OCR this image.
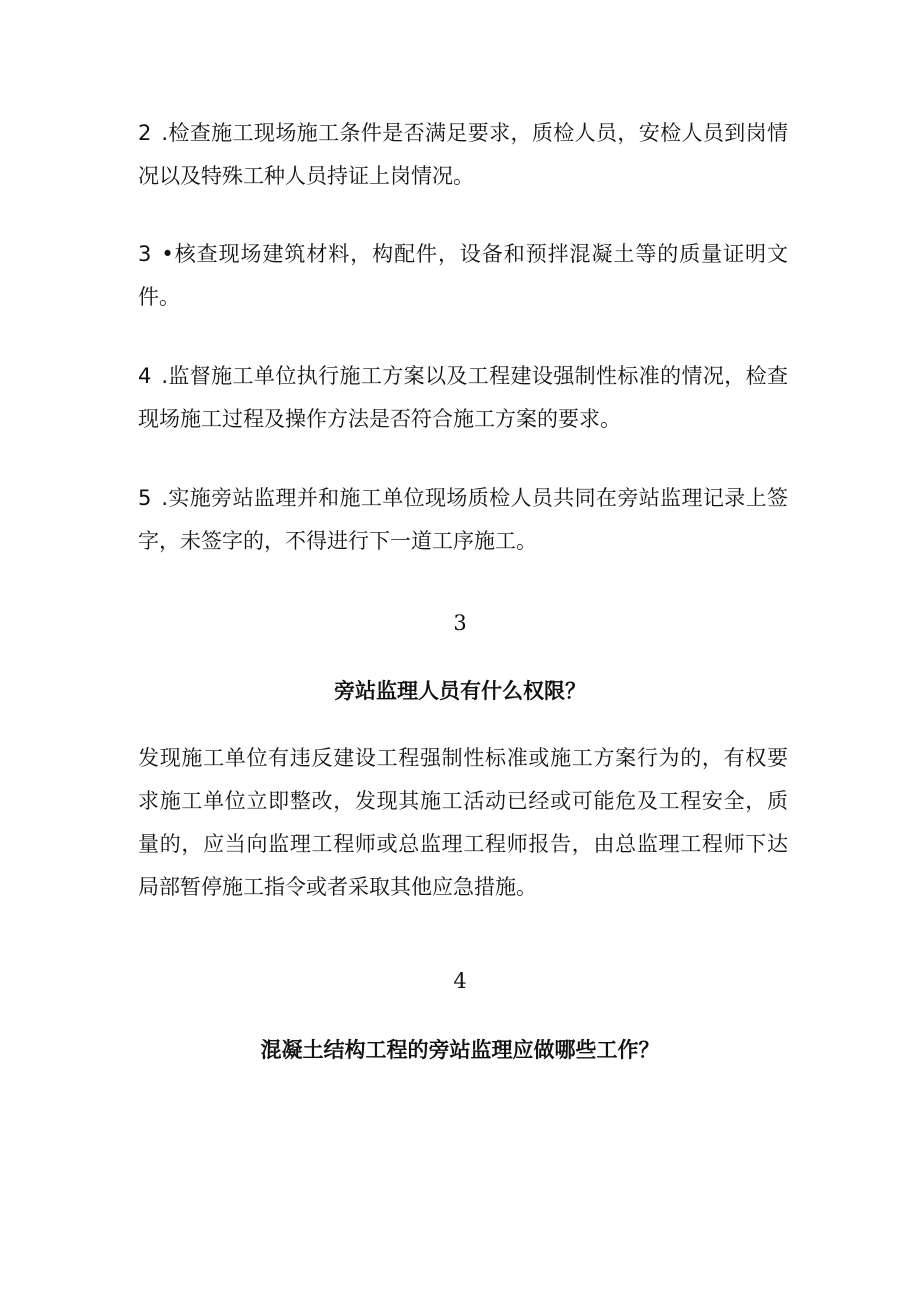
2 .检查施工现场施工条件是否满足要求，质检人员，安检人员到岗情况以及特殊工种人员持证上岗情况。

3 •核查现场建筑材料，构配件，设备和预拌混凝土等的质量证明文件。

4 .监督施工单位执行施工方案以及工程建设强制性标准的情况，检查现场施工过程及操作方法是否符合施工方案的要求。

5 .实施旁站监理并和施工单位现场质检人员共同在旁站监理记录上签字，未签字的，不得进行下一道工序施工。

3

旁站监理人员有什么权限？

发现施工单位有违反建设工程强制性标准或施工方案行为的，有权要求施工单位立即整改，发现其施工活动已经或可能危及工程安全，质量的，应当向监理工程师或总监理工程师报告，由总监理工程师下达局部暂停施工指令或者采取其他应急措施。

4

混凝土结构工程的旁站监理应做哪些工作？
